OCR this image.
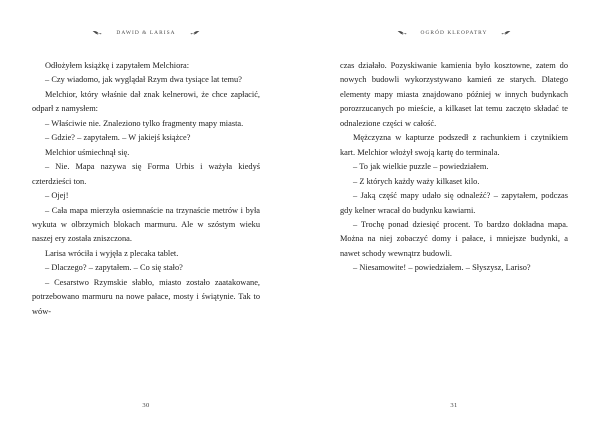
DAWID & LARISA

Odłożyłem książkę i zapytałem Melchiora:

– Czy wiadomo, jak wyglądał Rzym dwa tysiące lat temu?

Melchior, który właśnie dał znak kelnerowi, że chce zapłacić, odparł z namysłem:

– Właściwie nie. Znaleziono tylko fragmenty mapy miasta.

– Gdzie? – zapytałem. – W jakiejś książce?

Melchior uśmiechnął się.

– Nie. Mapa nazywa się Forma Urbis i ważyła kiedyś czterdzieści ton.

– Ojej!

– Cała mapa mierzyła osiemnaście na trzynaście metrów i była wykuta w olbrzymich blokach marmuru. Ale w szóstym wieku naszej ery została zniszczona.

Larisa wróciła i wyjęła z plecaka tablet.

– Dlaczego? – zapytałem. – Co się stało?

– Cesarstwo Rzymskie słabło, miasto zostało zaatakowane, potrzebowano marmuru na nowe pałace, mosty i świątynie. Tak to wów-

30
OGRÓD KLEOPATRY

czas działało. Pozyskiwanie kamienia było kosztowne, zatem do nowych budowli wykorzystywano kamień ze starych. Dlatego elementy mapy miasta znajdowano później w innych budynkach porozrzucanych po mieście, a kilkaset lat temu zaczęto składać te odnalezione części w całość.

Mężczyzna w kapturze podszedł z rachunkiem i czytnikiem kart. Melchior włożył swoją kartę do terminala.

– To jak wielkie puzzle – powiedziałem.

– Z których każdy waży kilkaset kilo.

– Jaką część mapy udało się odnaleźć? – zapytałem, podczas gdy kelner wracał do budynku kawiarni.

– Trochę ponad dziesięć procent. To bardzo dokładna mapa. Można na niej zobaczyć domy i pałace, i mniejsze budynki, a nawet schody wewnątrz budowli.

– Niesamowite! – powiedziałem. – Słyszysz, Lariso?

31
